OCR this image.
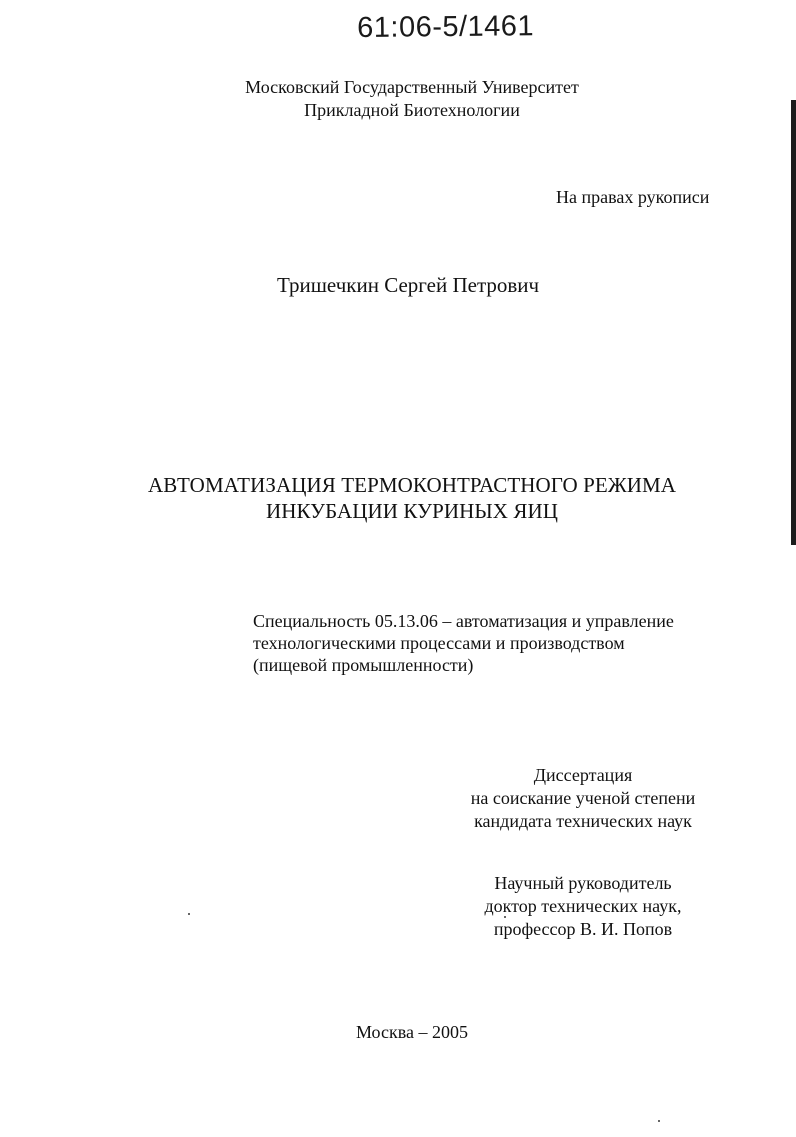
61:06-5/1461
Московский Государственный Университет
Прикладной Биотехнологии
На правах рукописи
Тришечкин Сергей Петрович
АВТОМАТИЗАЦИЯ ТЕРМОКОНТРАСТНОГО РЕЖИМА
ИНКУБАЦИИ КУРИНЫХ ЯИЦ
Специальность 05.13.06 – автоматизация и управление
технологическими процессами и производством
(пищевой промышленности)
Диссертация
на соискание ученой степени
кандидата технических наук
Научный руководитель
доктор технических наук,
профессор В. И. Попов
Москва – 2005
